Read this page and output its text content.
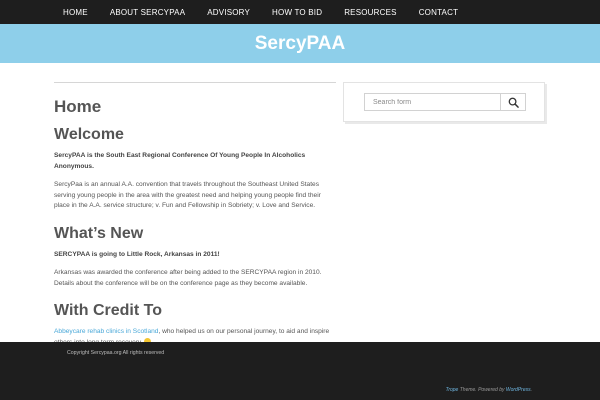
HOME	ABOUT SERCYPAA	ADVISORY	HOW TO BID	RESOURCES	CONTACT
SercyPAA
Home
Welcome

SercyPAA is the South East Regional Conference Of Young People In Alcoholics Anonymous.

SercyPaa is an annual A.A. convention that travels throughout the Southeast United States serving young people in the area with the greatest need and helping young people find their place in the A.A. service structure; v. Fun and Fellowship in Sobriety; v. Love and Service.

What’s New

SERCYPAA is going to Little Rock, Arkansas in 2011!

Arkansas was awarded the conference after being added to the SERCYPAA region in 2010. Details about the conference will be on the conference page as they become available.

With Credit To

Abbeycare rehab clinics in Scotland, who helped us on our personal journey, to aid and inspire

Search form
Copyright Sercypaa.org All rights reserved
Trope Theme. Powered by WordPress.
